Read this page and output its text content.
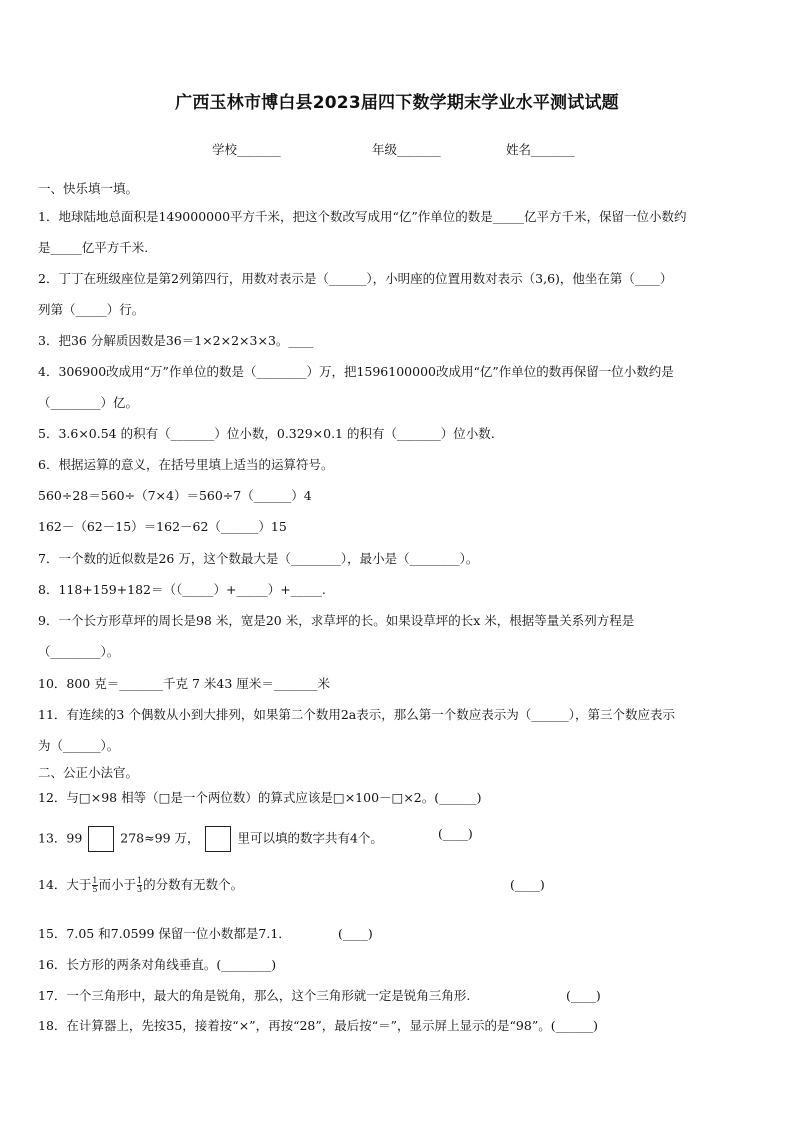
广西玉林市博白县2023届四下数学期末学业水平测试试题
学校_______	年级_______	姓名_______
一、快乐填一填。
1．地球陆地总面积是149000000平方千米，把这个数改写成用“亿”作单位的数是_____亿平方千米，保留一位小数约
是_____亿平方千米.
2．丁丁在班级座位是第2列第四行，用数对表示是（______），小明座的位置用数对表示（3,6)，他坐在第（____）
列第（_____）行。
3．把36 分解质因数是36＝1×2×2×3×3。____
4．306900改成用“万”作单位的数是（________）万，把1596100000改成用“亿”作单位的数再保留一位小数约是
（________）亿。
5．3.6×0.54 的积有（_______）位小数，0.329×0.1 的积有（_______）位小数.
6．根据运算的意义，在括号里填上适当的运算符号。
560÷28＝560÷（7×4）＝560÷7（______）4
162－（62－15）＝162－62（______）15
7．一个数的近似数是26 万，这个数最大是（________），最小是（________）。
8．118+159+182＝（（_____）+_____）+_____.
9．一个长方形草坪的周长是98 米，宽是20 米，求草坪的长。如果设草坪的长x 米，根据等量关系列方程是
（________）。
10．800 克＝_______千克 7 米43 厘米＝_______米
11．有连续的3 个偶数从小到大排列，如果第二个数用2a表示，那么第一个数应表示为（______），第三个数应表示
为（______）。
二、公正小法官。
12．与□×98 相等（□是一个两位数）的算式应该是□×100－□×2。(______)
13．99	278≈99 万，	里可以填的数字共有4个。	(____)
14．大于 $\frac{1}{5}$ 而小于 $\frac{1}{3}$ 的分数有无数个。	(____)
15．7.05 和7.0599 保留一位小数都是7.1．	(____)
16．长方形的两条对角线垂直。(________)
17．一个三角形中，最大的角是锐角，那么，这个三角形就一定是锐角三角形.	(____)
18．在计算器上，先按35，接着按“×”，再按“28”，最后按“＝”，显示屏上显示的是“98”。(______)
